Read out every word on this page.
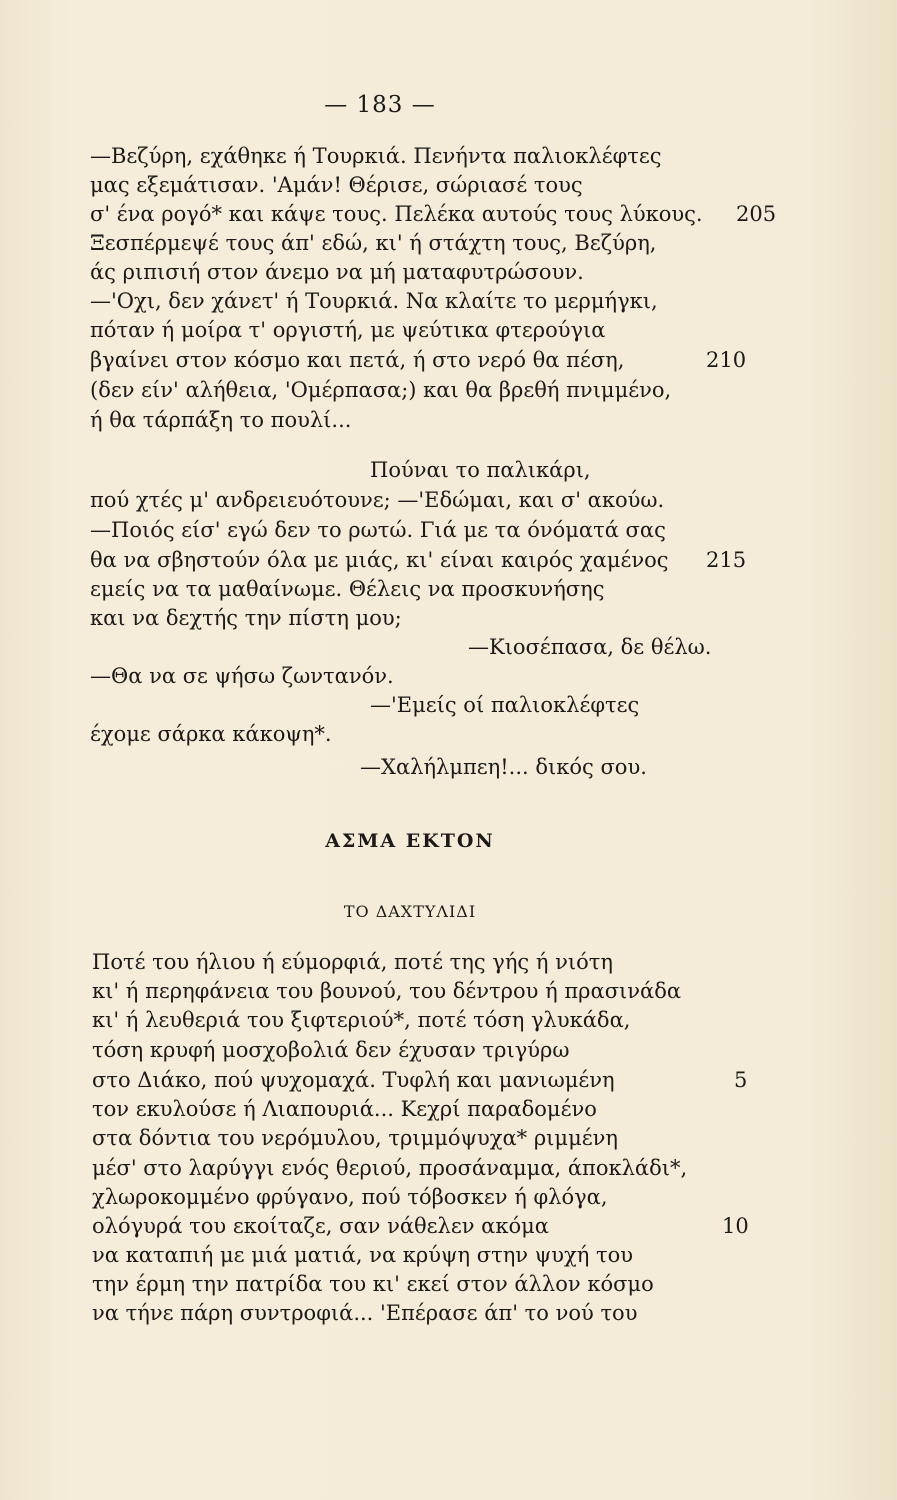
— 183 —
—Βεζύρη, εχάθηκε ή Τουρκιά. Πενήντα παλιοκλέφτες
μας εξεμάτισαν. 'Αμάν! Θέρισε, σώριασέ τους
σ' ένα ρογό* και κάψε τους. Πελέκα αυτούς τους λύκους. 205
Ξεσπέρμεψέ τους άπ' εδώ, κι' ή στάχτη τους, Βεζύρη,
άς ριπισιή στον άνεμο να μή ματαφυτρώσουν.
—'Οχι, δεν χάνετ' ή Τουρκιά. Να κλαίτε το μερμήγκι,
πόταν ή μοίρα τ' οργιστή, με ψεύτικα φτερούγια
βγαίνει στον κόσμο και πετά, ή στο νερό θα πέση,	210
(δεν είν' αλήθεια, 'Ομέρπασα;) και θα βρεθή πνιμμένο,
ή θα τάρπάξη το πουλί...
Πούναι το παλικάρι,
πού χτές μ' ανδρειευότουνε; —'Εδώμαι, και σ' ακούω.
—Ποιός είσ' εγώ δεν το ρωτώ. Γιά με τα όνόματά σας
θα να σβηστούν όλα με μιάς, κι' είναι καιρός χαμένος 215
εμείς να τα μαθαίνωμε. Θέλεις να προσκυνήσης
και να δεχτής την πίστη μου;
—Κιοσέπασα, δε θέλω.
—Θα να σε ψήσω ζωντανόν.
—'Εμείς οί παλιοκλέφτες
έχομε σάρκα κάκοψη*.
—Χαλήλμπεη!... δικός σου.
ΑΣΜΑ ΕΚΤΟΝ
ΤΟ ΔΑΧΤΥΛΙΔΙ
Ποτέ του ήλιου ή εύμορφιά, ποτέ της γής ή νιότη
κι' ή περηφάνεια του βουνού, του δέντρου ή πρασινάδα
κι' ή λευθεριά του ξιφτεριού*, ποτέ τόση γλυκάδα,
τόση κρυφή μοσχοβολιά δεν έχυσαν τριγύρω
στο Διάκο, πού ψυχομαχά. Τυφλή και μανιωμένη	5
τον εκυλούσε ή Λιαπουριά... Κεχρί παραδομένο
στα δόντια του νερόμυλου, τριμμόψυχα* ριμμένη
μέσ' στο λαρύγγι ενός θεριού, προσάναμμα, άποκλάδι*,
χλωροκομμένο φρύγανο, πού τόβοσκεν ή φλόγα,
ολόγυρά του εκοίταζε, σαν νάθελεν ακόμα	10
να καταπιή με μιά ματιά, να κρύψη στην ψυχή του
την έρμη την πατρίδα του κι' εκεί στον άλλον κόσμο
να τήνε πάρη συντροφιά... 'Επέρασε άπ' το νού του
